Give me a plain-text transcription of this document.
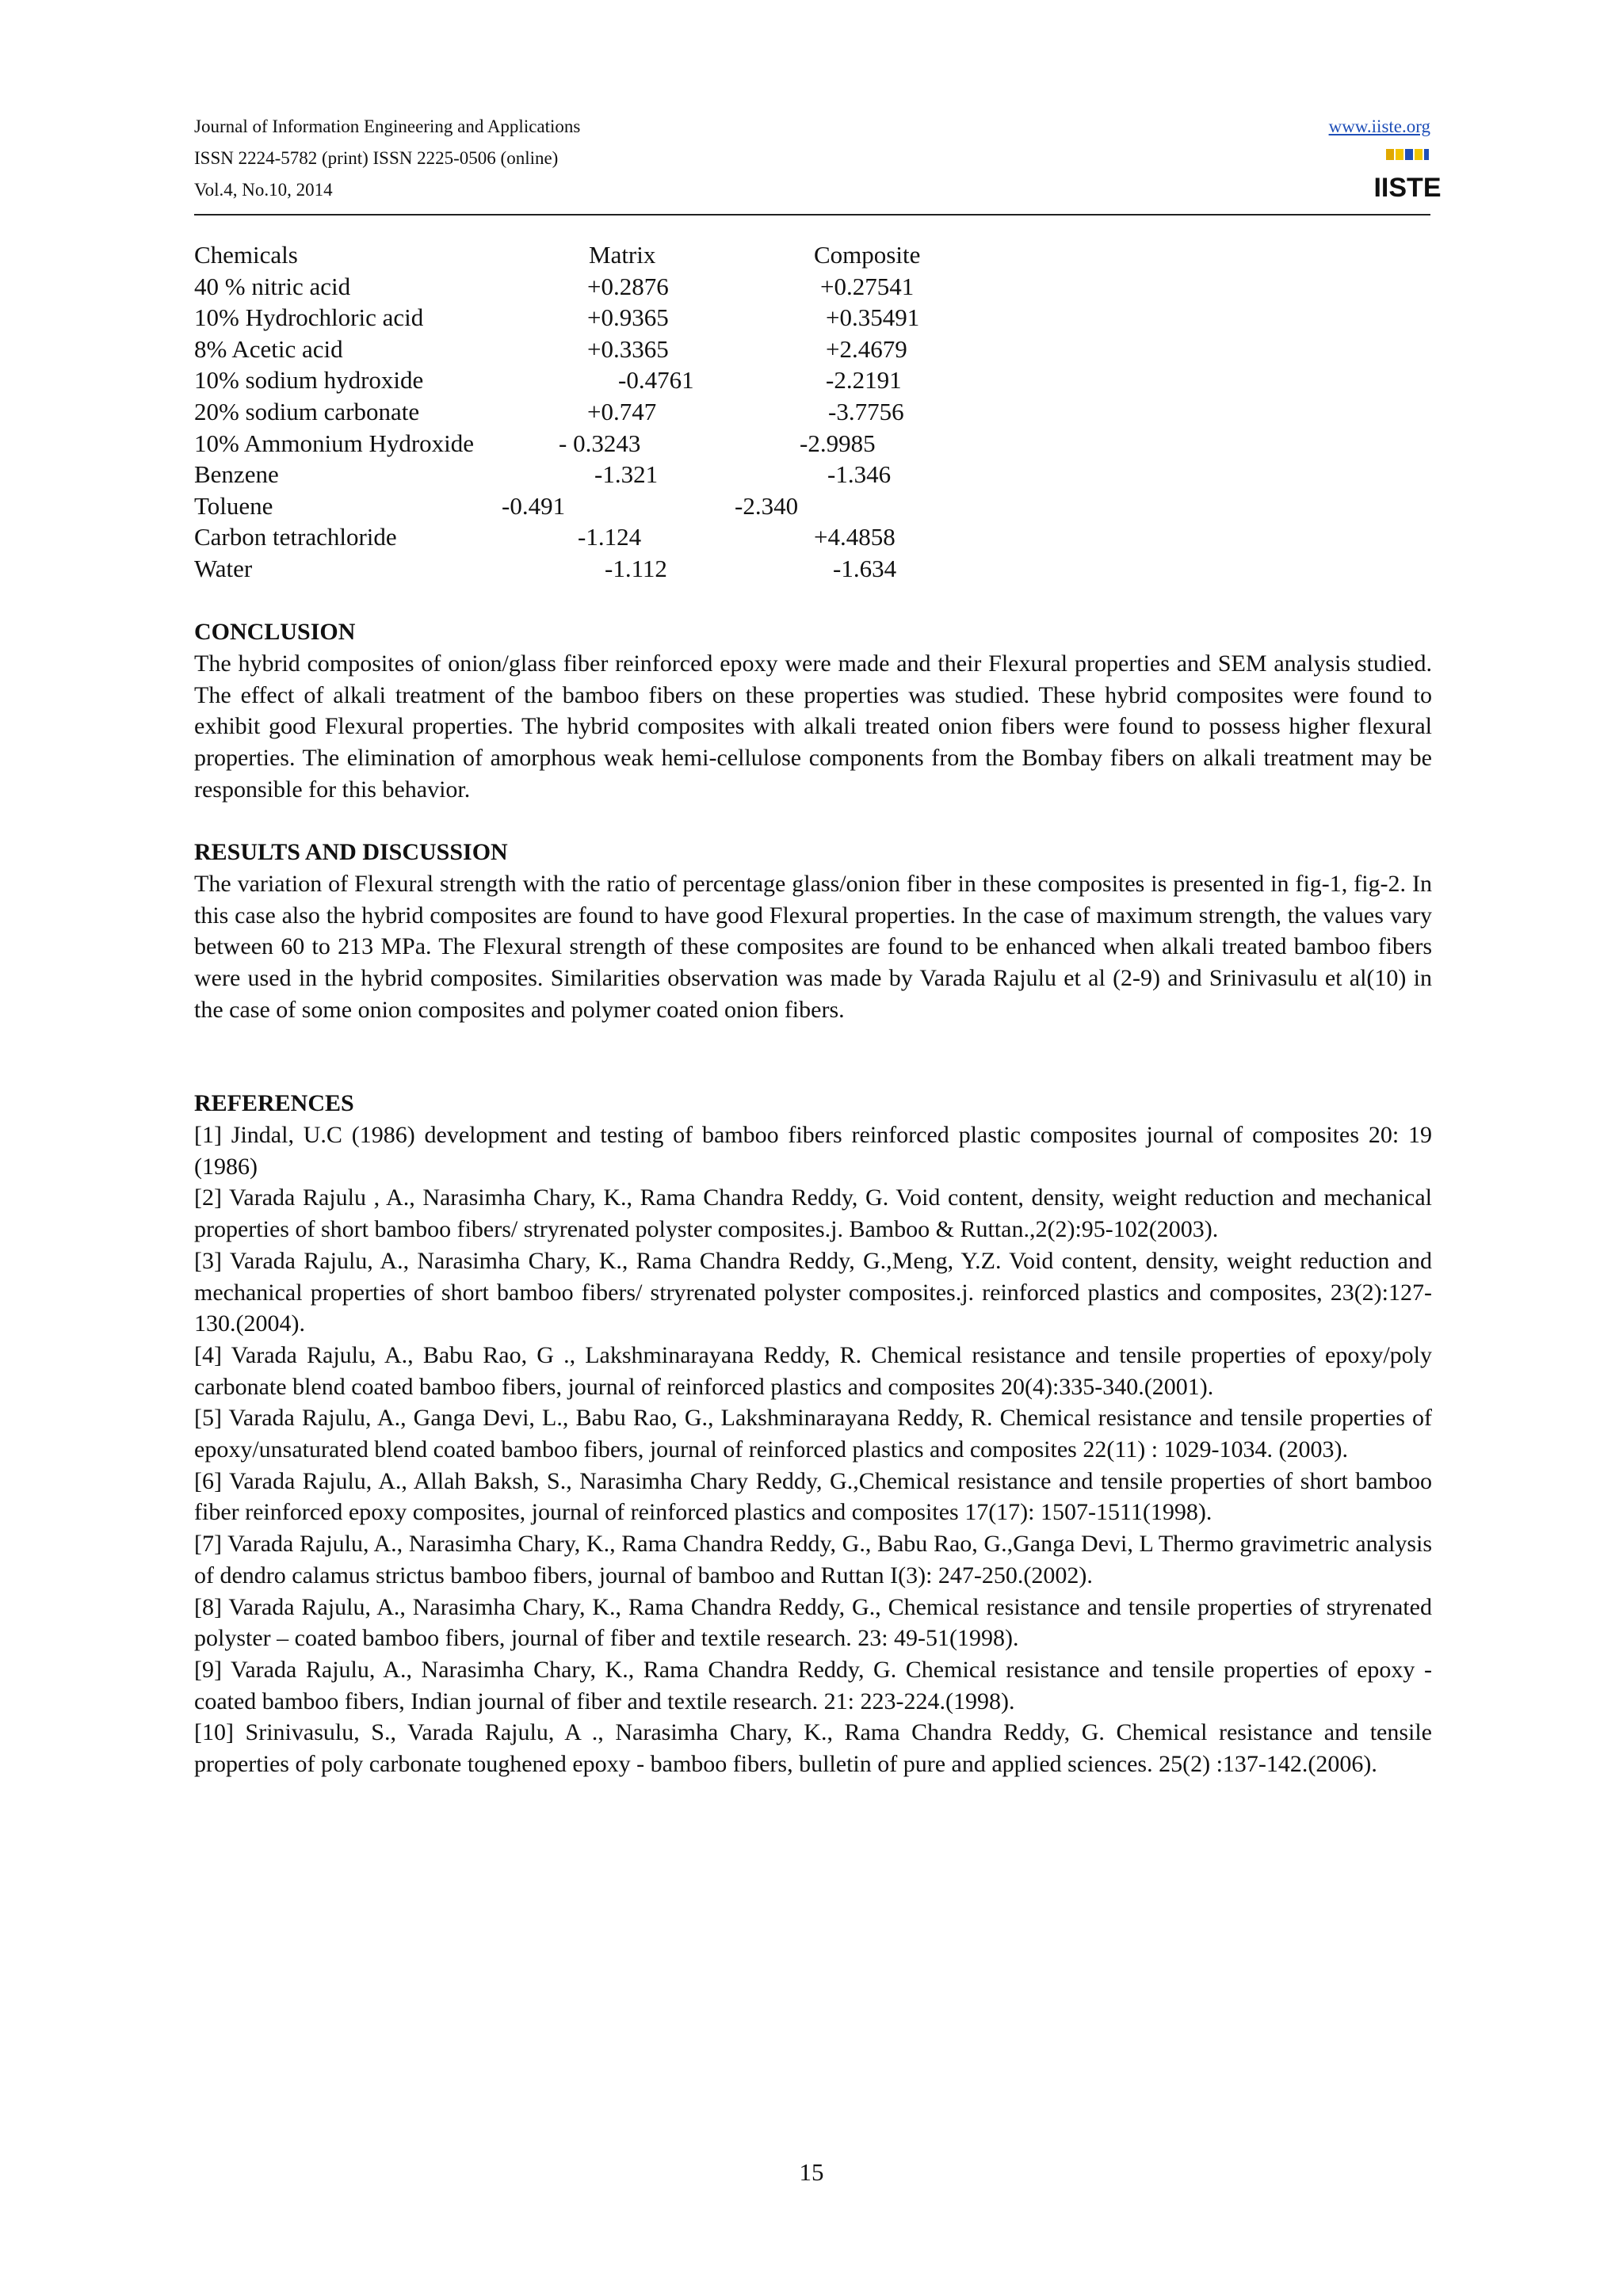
Journal of Information Engineering and Applications
ISSN 2224-5782 (print) ISSN 2225-0506 (online)
Vol.4, No.10, 2014
www.iiste.org
IISTE
Chemicals	Matrix	Composite
40 % nitric acid	+0.2876	+0.27541
10% Hydrochloric acid	+0.9365	+0.35491
8% Acetic acid	+0.3365	+2.4679
10% sodium hydroxide	-0.4761	-2.2191
20% sodium carbonate	+0.747	-3.7756
10% Ammonium Hydroxide	- 0.3243	-2.9985
Benzene	-1.321	-1.346
Toluene	-0.491	-2.340
Carbon tetrachloride	-1.124	+4.4858
Water	-1.112	-1.634
CONCLUSION

The hybrid composites of onion/glass fiber reinforced epoxy were made and their Flexural properties and SEM analysis studied. The effect of alkali treatment of the bamboo fibers on these properties was studied. These hybrid composites were found to exhibit good Flexural properties. The hybrid composites with alkali treated onion fibers were found to possess higher flexural properties. The elimination of amorphous weak hemi-cellulose components from the Bombay fibers on alkali treatment may be responsible for this behavior.

RESULTS AND DISCUSSION

The variation of Flexural strength with the ratio of percentage glass/onion fiber in these composites is presented in fig-1, fig-2. In this case also the hybrid composites are found to have good Flexural properties. In the case of maximum strength, the values vary between 60 to 213 MPa. The Flexural strength of these composites are found to be enhanced when alkali treated bamboo fibers were used in the hybrid composites. Similarities observation was made by Varada Rajulu et al (2-9) and Srinivasulu et al(10) in the case of some onion composites and polymer coated onion fibers.

REFERENCES

[1] Jindal, U.C (1986) development and testing of bamboo fibers reinforced plastic composites journal of composites 20: 19 (1986)

[2] Varada Rajulu , A., Narasimha Chary, K., Rama Chandra Reddy, G. Void content, density, weight reduction and mechanical properties of short bamboo fibers/ stryrenated polyster composites.j. Bamboo & Ruttan.,2(2):95-102(2003).

[3] Varada Rajulu, A., Narasimha Chary, K., Rama Chandra Reddy, G.,Meng, Y.Z. Void content, density, weight reduction and mechanical properties of short bamboo fibers/ stryrenated polyster composites.j. reinforced plastics and composites, 23(2):127-130.(2004).

[4] Varada Rajulu, A., Babu Rao, G ., Lakshminarayana Reddy, R. Chemical resistance and tensile properties of epoxy/poly carbonate blend coated bamboo fibers, journal of reinforced plastics and composites 20(4):335-340.(2001).

[5] Varada Rajulu, A., Ganga Devi, L., Babu Rao, G., Lakshminarayana Reddy, R. Chemical resistance and tensile properties of epoxy/unsaturated blend coated bamboo fibers, journal of reinforced plastics and composites 22(11) : 1029-1034. (2003).

[6] Varada Rajulu, A., Allah Baksh, S., Narasimha Chary Reddy, G.,Chemical resistance and tensile properties of short bamboo fiber reinforced epoxy composites, journal of reinforced plastics and composites 17(17): 1507-1511(1998).

[7] Varada Rajulu, A., Narasimha Chary, K., Rama Chandra Reddy, G., Babu Rao, G.,Ganga Devi, L Thermo gravimetric analysis of dendro calamus strictus bamboo fibers, journal of bamboo and Ruttan I(3): 247-250.(2002).

[8] Varada Rajulu, A., Narasimha Chary, K., Rama Chandra Reddy, G., Chemical resistance and tensile properties of stryrenated polyster – coated bamboo fibers, journal of fiber and textile research. 23: 49-51(1998).

[9] Varada Rajulu, A., Narasimha Chary, K., Rama Chandra Reddy, G. Chemical resistance and tensile properties of epoxy - coated bamboo fibers, Indian journal of fiber and textile research. 21: 223-224.(1998).

[10] Srinivasulu, S., Varada Rajulu, A ., Narasimha Chary, K., Rama Chandra Reddy, G. Chemical resistance and tensile properties of poly carbonate toughened epoxy - bamboo fibers, bulletin of pure and applied sciences. 25(2) :137-142.(2006).

15
